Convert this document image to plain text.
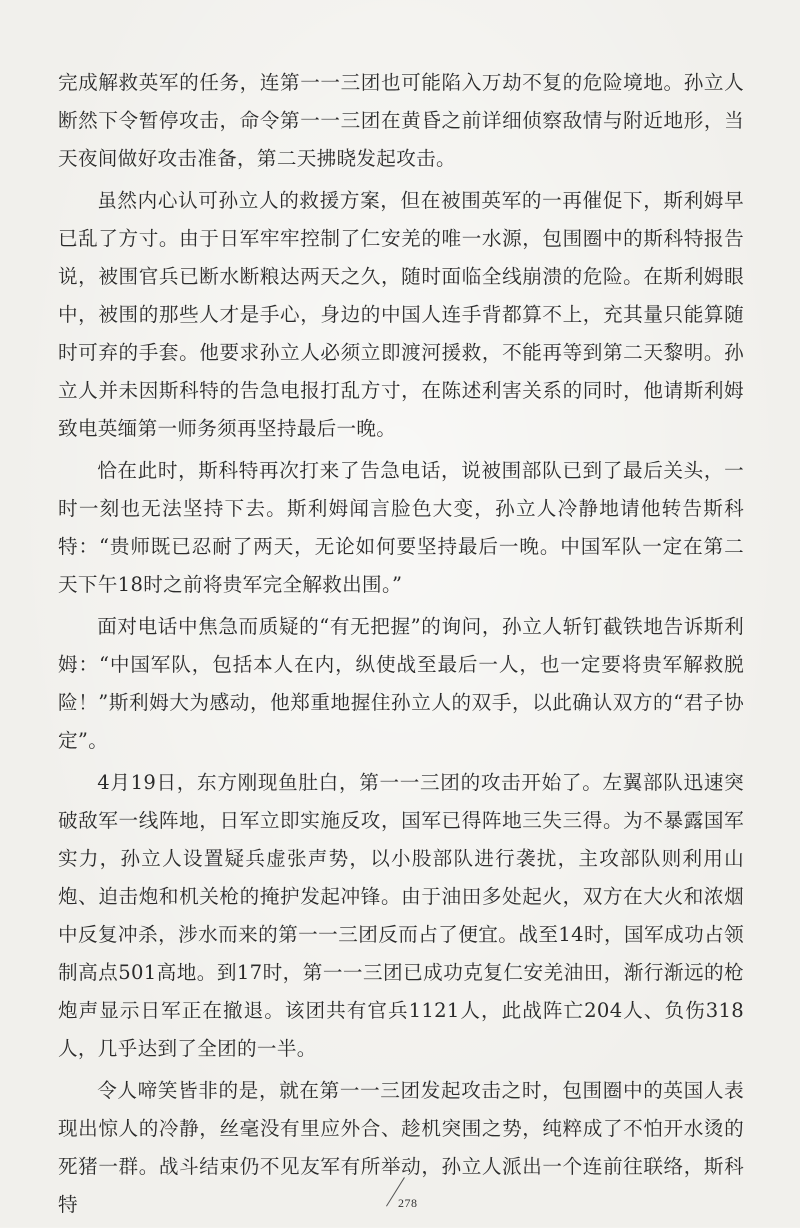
完成解救英军的任务，连第一一三团也可能陷入万劫不复的危险境地。孙立人断然下令暂停攻击，命令第一一三团在黄昏之前详细侦察敌情与附近地形，当天夜间做好攻击准备，第二天拂晓发起攻击。

虽然内心认可孙立人的救援方案，但在被围英军的一再催促下，斯利姆早已乱了方寸。由于日军牢牢控制了仁安羌的唯一水源，包围圈中的斯科特报告说，被围官兵已断水断粮达两天之久，随时面临全线崩溃的危险。在斯利姆眼中，被围的那些人才是手心，身边的中国人连手背都算不上，充其量只能算随时可弃的手套。他要求孙立人必须立即渡河援救，不能再等到第二天黎明。孙立人并未因斯科特的告急电报打乱方寸，在陈述利害关系的同时，他请斯利姆致电英缅第一师务须再坚持最后一晚。

恰在此时，斯科特再次打来了告急电话，说被围部队已到了最后关头，一时一刻也无法坚持下去。斯利姆闻言脸色大变，孙立人冷静地请他转告斯科特：“贵师既已忍耐了两天，无论如何要坚持最后一晚。中国军队一定在第二天下午18时之前将贵军完全解救出围。”

面对电话中焦急而质疑的“有无把握”的询问，孙立人斩钉截铁地告诉斯利姆：“中国军队，包括本人在内，纵使战至最后一人，也一定要将贵军解救脱险！”斯利姆大为感动，他郑重地握住孙立人的双手，以此确认双方的“君子协定”。

4月19日，东方刚现鱼肚白，第一一三团的攻击开始了。左翼部队迅速突破敌军一线阵地，日军立即实施反攻，国军已得阵地三失三得。为不暴露国军实力，孙立人设置疑兵虚张声势，以小股部队进行袭扰，主攻部队则利用山炮、迫击炮和机关枪的掩护发起冲锋。由于油田多处起火，双方在大火和浓烟中反复冲杀，涉水而来的第一一三团反而占了便宜。战至14时，国军成功占领制高点501高地。到17时，第一一三团已成功克复仁安羌油田，渐行渐远的枪炮声显示日军正在撤退。该团共有官兵1121人，此战阵亡204人、负伤318人，几乎达到了全团的一半。

令人啼笑皆非的是，就在第一一三团发起攻击之时，包围圈中的英国人表现出惊人的冷静，丝毫没有里应外合、趁机突围之势，纯粹成了不怕开水烫的死猪一群。战斗结束仍不见友军有所举动，孙立人派出一个连前往联络，斯科特	278
